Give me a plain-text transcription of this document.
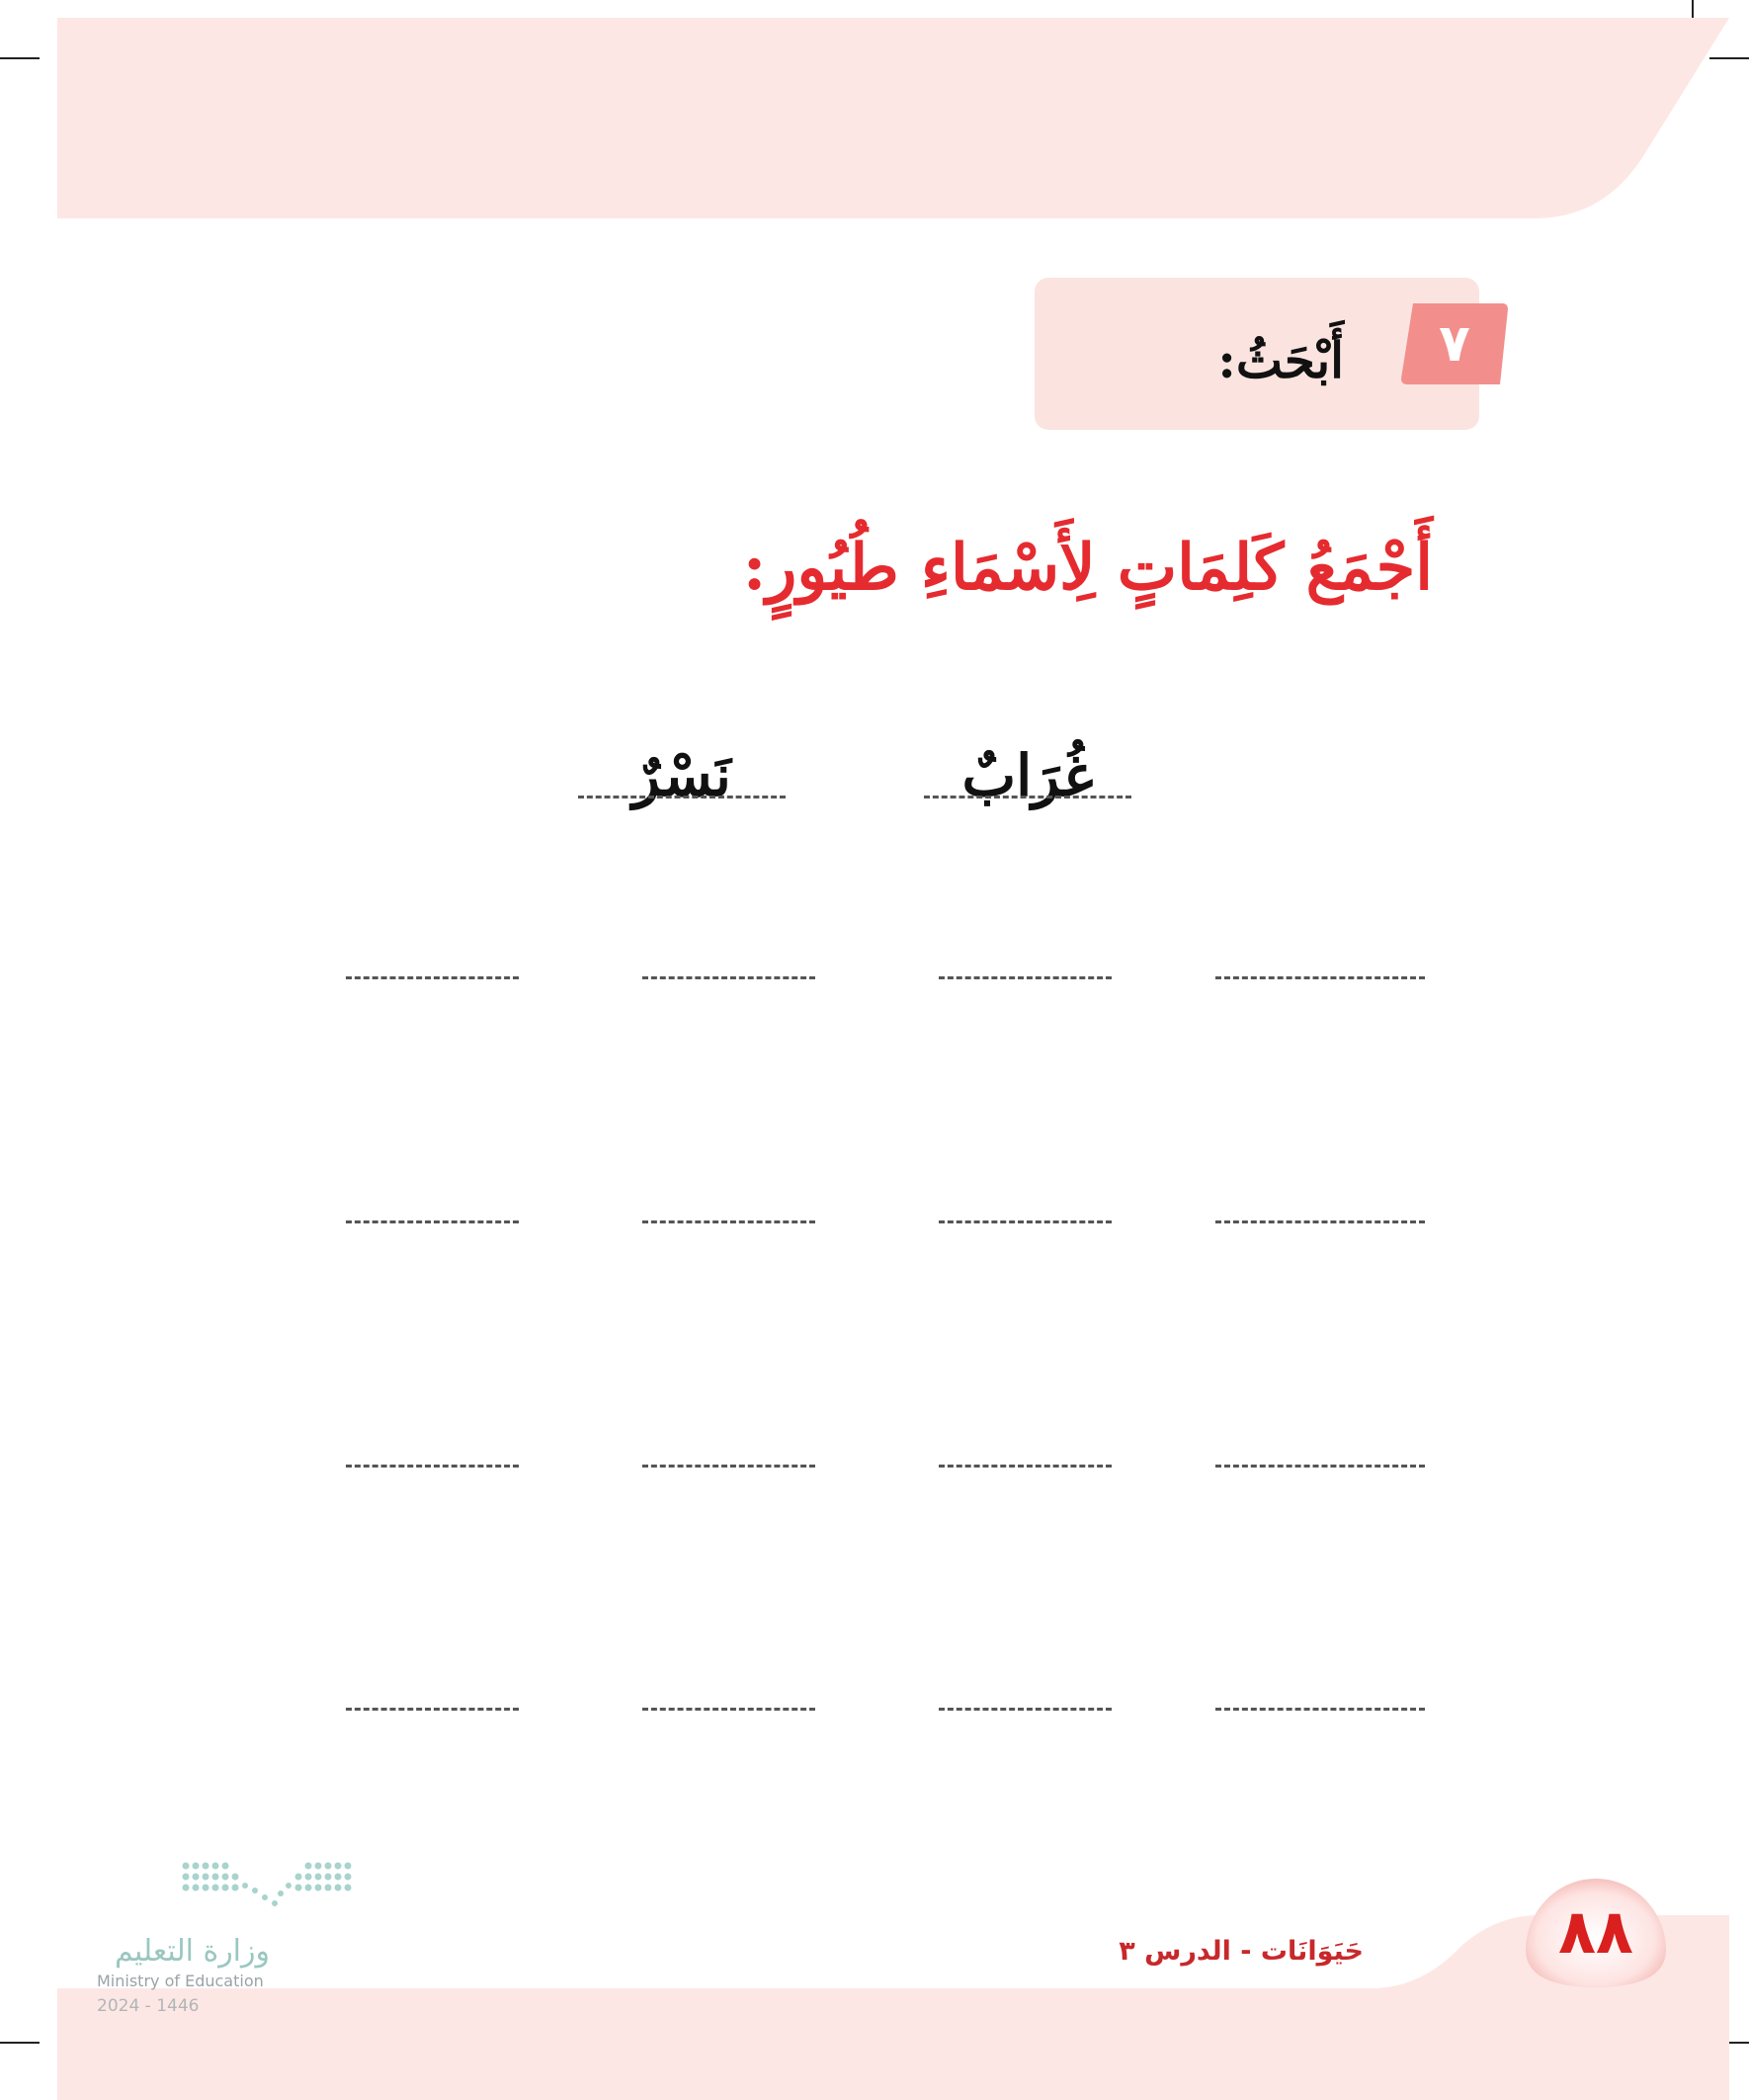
٧
أَبْحَثُ:
أَجْمَعُ كَلِمَاتٍ لِأَسْمَاءِ طُيُورٍ:
غُرَابٌ
نَسْرٌ
٨٨
حَيَوَانَات - الدرس ٣
وزارة التعليم
Ministry of Education
2024 - 1446
